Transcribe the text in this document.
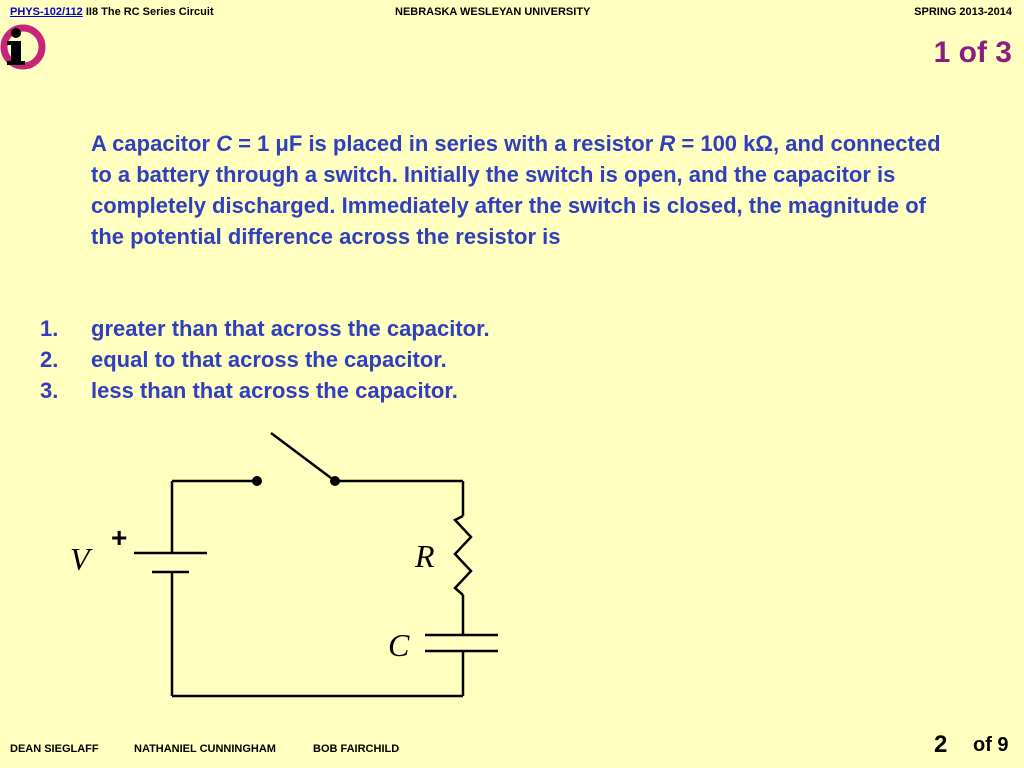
PHYS-102/112 II8 The RC Series Circuit	NEBRASKA WESLEYAN UNIVERSITY	SPRING 2013-2014
1 of 3
A capacitor C = 1 μF is placed in series with a resistor R = 100 kΩ, and connected to a battery through a switch. Initially the switch is open, and the capacitor is completely discharged. Immediately after the switch is closed, the magnitude of the potential difference across the resistor is
1.	greater than that across the capacitor.
2.	equal to that across the capacitor.
3.	less than that across the capacitor.
+
V	R
C
DEAN SIEGLAFF	NATHANIEL CUNNINGHAM	BOB FAIRCHILD	2 of 9
